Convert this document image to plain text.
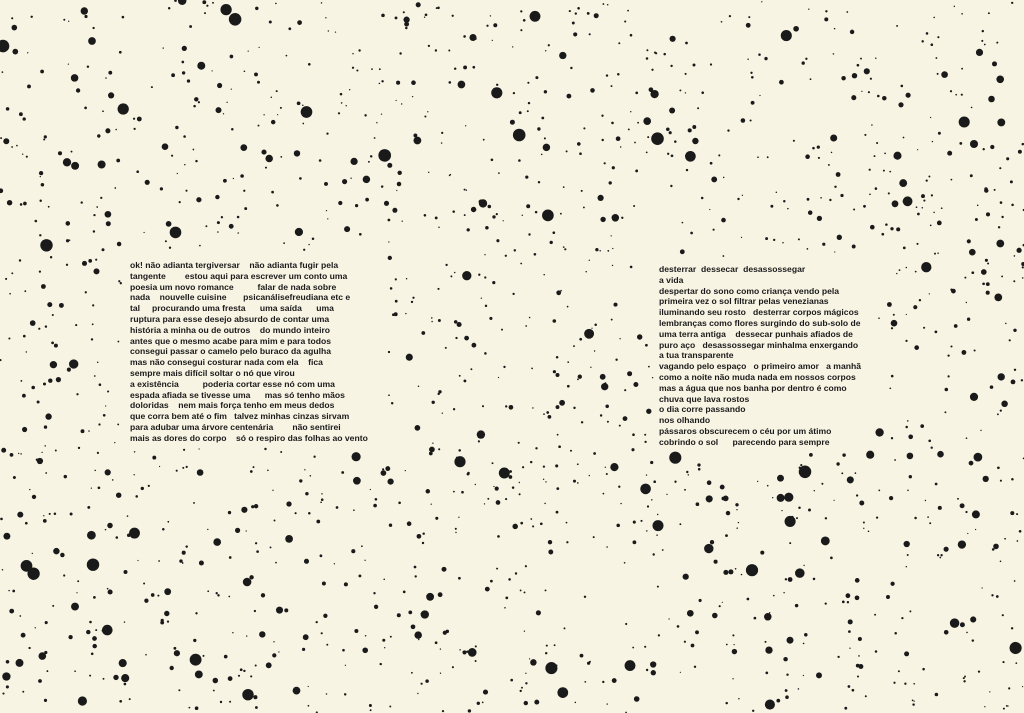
ok! não adianta tergiversar    não adianta fugir pela
tangente        estou aqui para escrever um conto uma
poesia um novo romance          falar de nada sobre
nada    nouvelle cuisine       psicanálisefreudiana etc e
tal     procurando uma fresta      uma saída      uma
ruptura para esse desejo absurdo de contar uma
história a minha ou de outros    do mundo inteiro
antes que o mesmo acabe para mim e para todos
consegui passar o camelo pelo buraco da agulha
mas não consegui costurar nada com ela    fica
sempre mais difícil soltar o nó que virou
a existência          poderia cortar esse nó com uma
espada afiada se tivesse uma      mas só tenho mãos
doloridas    nem mais força tenho em meus dedos
que corra bem até o fim   talvez minhas cinzas sirvam
para adubar uma árvore centenária        não sentirei
mais as dores do corpo    só o respiro das folhas ao vento
desterrar  dessecar  desassossegar
a vida
despertar do sono como criança vendo pela
primeira vez o sol filtrar pelas venezianas
iluminando seu rosto   desterrar corpos mágicos
lembranças como flores surgindo do sub-solo de
uma terra antiga    dessecar punhais afiados de
puro aço   desassossegar minhalma enxergando
a tua transparente
vagando pelo espaço   o primeiro amor   a manhã
como a noite não muda nada em nossos corpos
mas a água que nos banha por dentro é como
chuva que lava rostos
o dia corre passando
nos olhando
pássaros obscurecem o céu por um átimo
cobrindo o sol      parecendo para sempre
